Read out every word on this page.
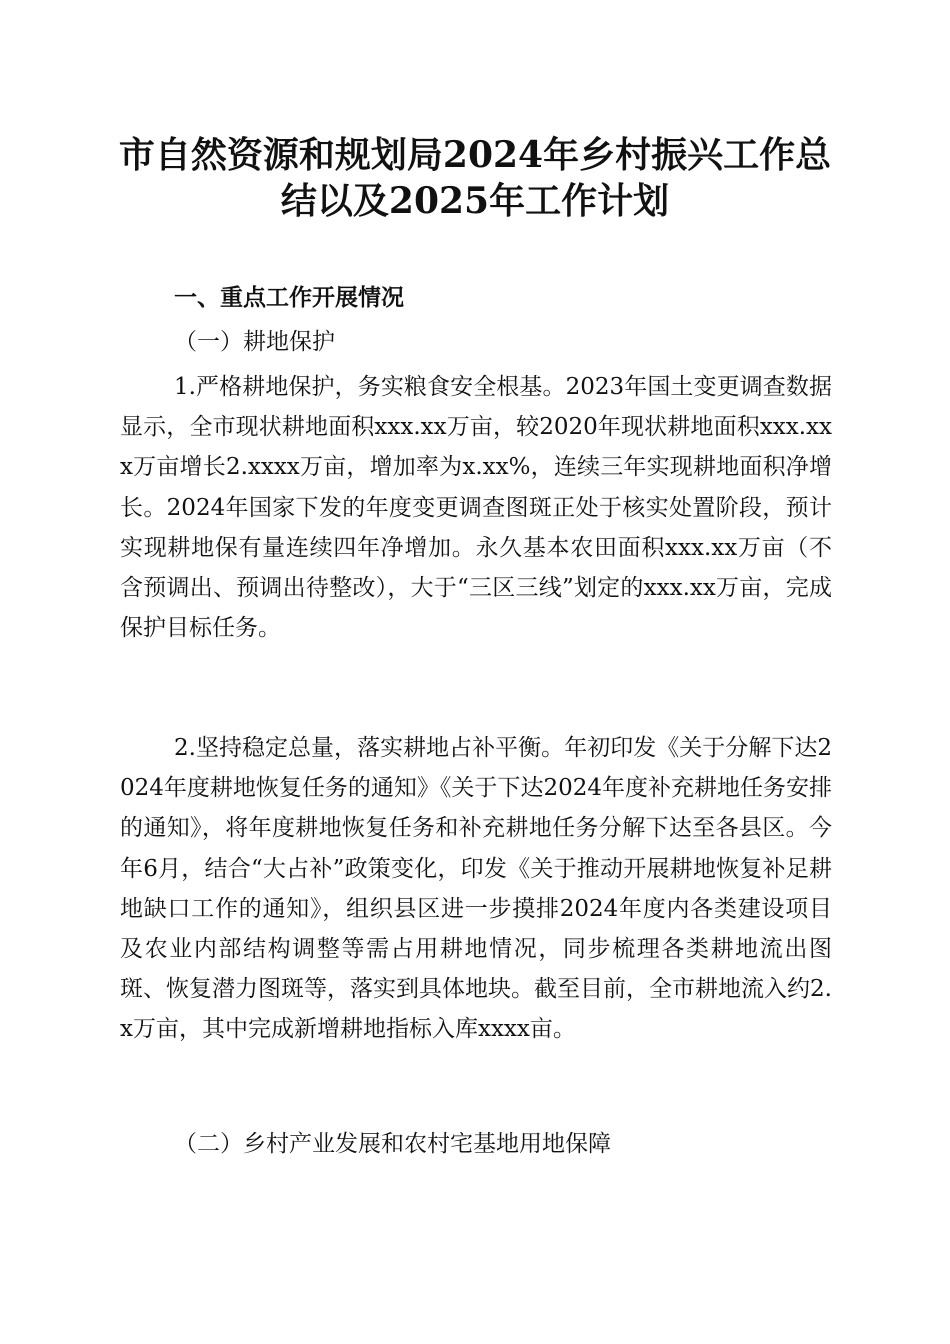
市自然资源和规划局2024年乡村振兴工作总
结以及2025年工作计划
一、重点工作开展情况
（一）耕地保护

1.严格耕地保护，务实粮食安全根基。2023年国土变更调查数据显示，全市现状耕地面积xxx.xx万亩，较2020年现状耕地面积xxx.xxx万亩增长2.xxxx万亩，增加率为x.xx%，连续三年实现耕地面积净增长。2024年国家下发的年度变更调查图斑正处于核实处置阶段，预计实现耕地保有量连续四年净增加。永久基本农田面积xxx.xx万亩（不含预调出、预调出待整改），大于“三区三线”划定的xxx.xx万亩，完成保护目标任务。

2.坚持稳定总量，落实耕地占补平衡。年初印发《关于分解下达2024年度耕地恢复任务的通知》《关于下达2024年度补充耕地任务安排的通知》，将年度耕地恢复任务和补充耕地任务分解下达至各县区。今年6月，结合“大占补”政策变化，印发《关于推动开展耕地恢复补足耕地缺口工作的通知》，组织县区进一步摸排2024年度内各类建设项目及农业内部结构调整等需占用耕地情况，同步梳理各类耕地流出图斑、恢复潜力图斑等，落实到具体地块。截至目前，全市耕地流入约2.x万亩，其中完成新增耕地指标入库xxxx亩。

（二）乡村产业发展和农村宅基地用地保障
